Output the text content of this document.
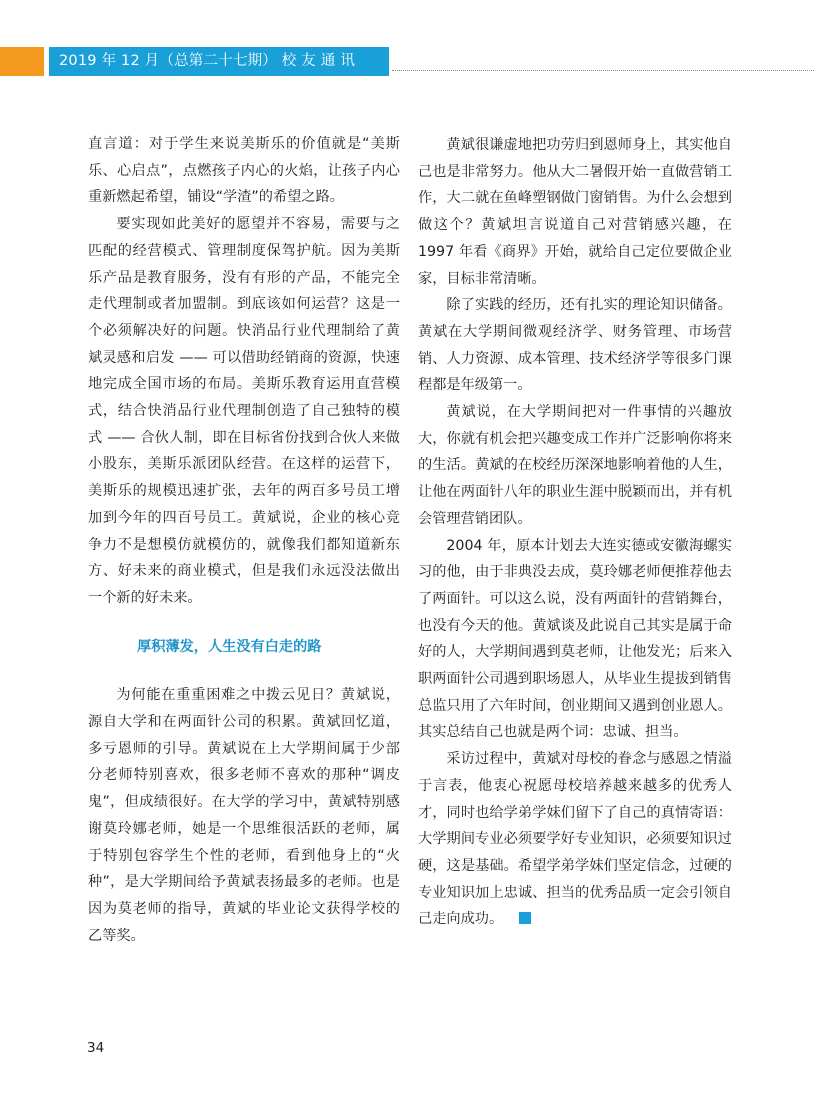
2019 年 12 月（总第二十七期） 校 友 通 讯

直言道：对于学生来说美斯乐的价值就是“美斯乐、心启点”，点燃孩子内心的火焰，让孩子内心重新燃起希望，铺设“学渣”的希望之路。

要实现如此美好的愿望并不容易，需要与之匹配的经营模式、管理制度保驾护航。因为美斯乐产品是教育服务，没有有形的产品，不能完全走代理制或者加盟制。到底该如何运营？这是一个必须解决好的问题。快消品行业代理制给了黄斌灵感和启发 —— 可以借助经销商的资源，快速地完成全国市场的布局。美斯乐教育运用直营模式，结合快消品行业代理制创造了自己独特的模式 —— 合伙人制，即在目标省份找到合伙人来做小股东，美斯乐派团队经营。在这样的运营下，美斯乐的规模迅速扩张，去年的两百多号员工增加到今年的四百号员工。黄斌说，企业的核心竞争力不是想模仿就模仿的，就像我们都知道新东方、好未来的商业模式，但是我们永远没法做出一个新的好未来。

厚积薄发，人生没有白走的路

为何能在重重困难之中拨云见日？黄斌说，源自大学和在两面针公司的积累。黄斌回忆道，多亏恩师的引导。黄斌说在上大学期间属于少部分老师特别喜欢，很多老师不喜欢的那种“调皮鬼”，但成绩很好。在大学的学习中，黄斌特别感谢莫玲娜老师，她是一个思维很活跃的老师，属于特别包容学生个性的老师，看到他身上的“火种”，是大学期间给予黄斌表扬最多的老师。也是因为莫老师的指导，黄斌的毕业论文获得学校的乙等奖。

黄斌很谦虚地把功劳归到恩师身上，其实他自己也是非常努力。他从大二暑假开始一直做营销工作，大二就在鱼峰塑钢做门窗销售。为什么会想到做这个？黄斌坦言说道自己对营销感兴趣，在 1997 年看《商界》开始，就给自己定位要做企业家，目标非常清晰。

除了实践的经历，还有扎实的理论知识储备。黄斌在大学期间微观经济学、财务管理、市场营销、人力资源、成本管理、技术经济学等很多门课程都是年级第一。

黄斌说，在大学期间把对一件事情的兴趣放大，你就有机会把兴趣变成工作并广泛影响你将来的生活。黄斌的在校经历深深地影响着他的人生，让他在两面针八年的职业生涯中脱颖而出，并有机会管理营销团队。

2004 年，原本计划去大连实德或安徽海螺实习的他，由于非典没去成，莫玲娜老师便推荐他去了两面针。可以这么说，没有两面针的营销舞台，也没有今天的他。黄斌谈及此说自己其实是属于命好的人，大学期间遇到莫老师，让他发光；后来入职两面针公司遇到职场恩人，从毕业生提拔到销售总监只用了六年时间，创业期间又遇到创业恩人。其实总结自己也就是两个词：忠诚、担当。

采访过程中，黄斌对母校的眷念与感恩之情溢于言表，他衷心祝愿母校培养越来越多的优秀人才，同时也给学弟学妹们留下了自己的真情寄语：大学期间专业必须要学好专业知识，必须要知识过硬，这是基础。希望学弟学妹们坚定信念，过硬的专业知识加上忠诚、担当的优秀品质一定会引领自己走向成功。

34
